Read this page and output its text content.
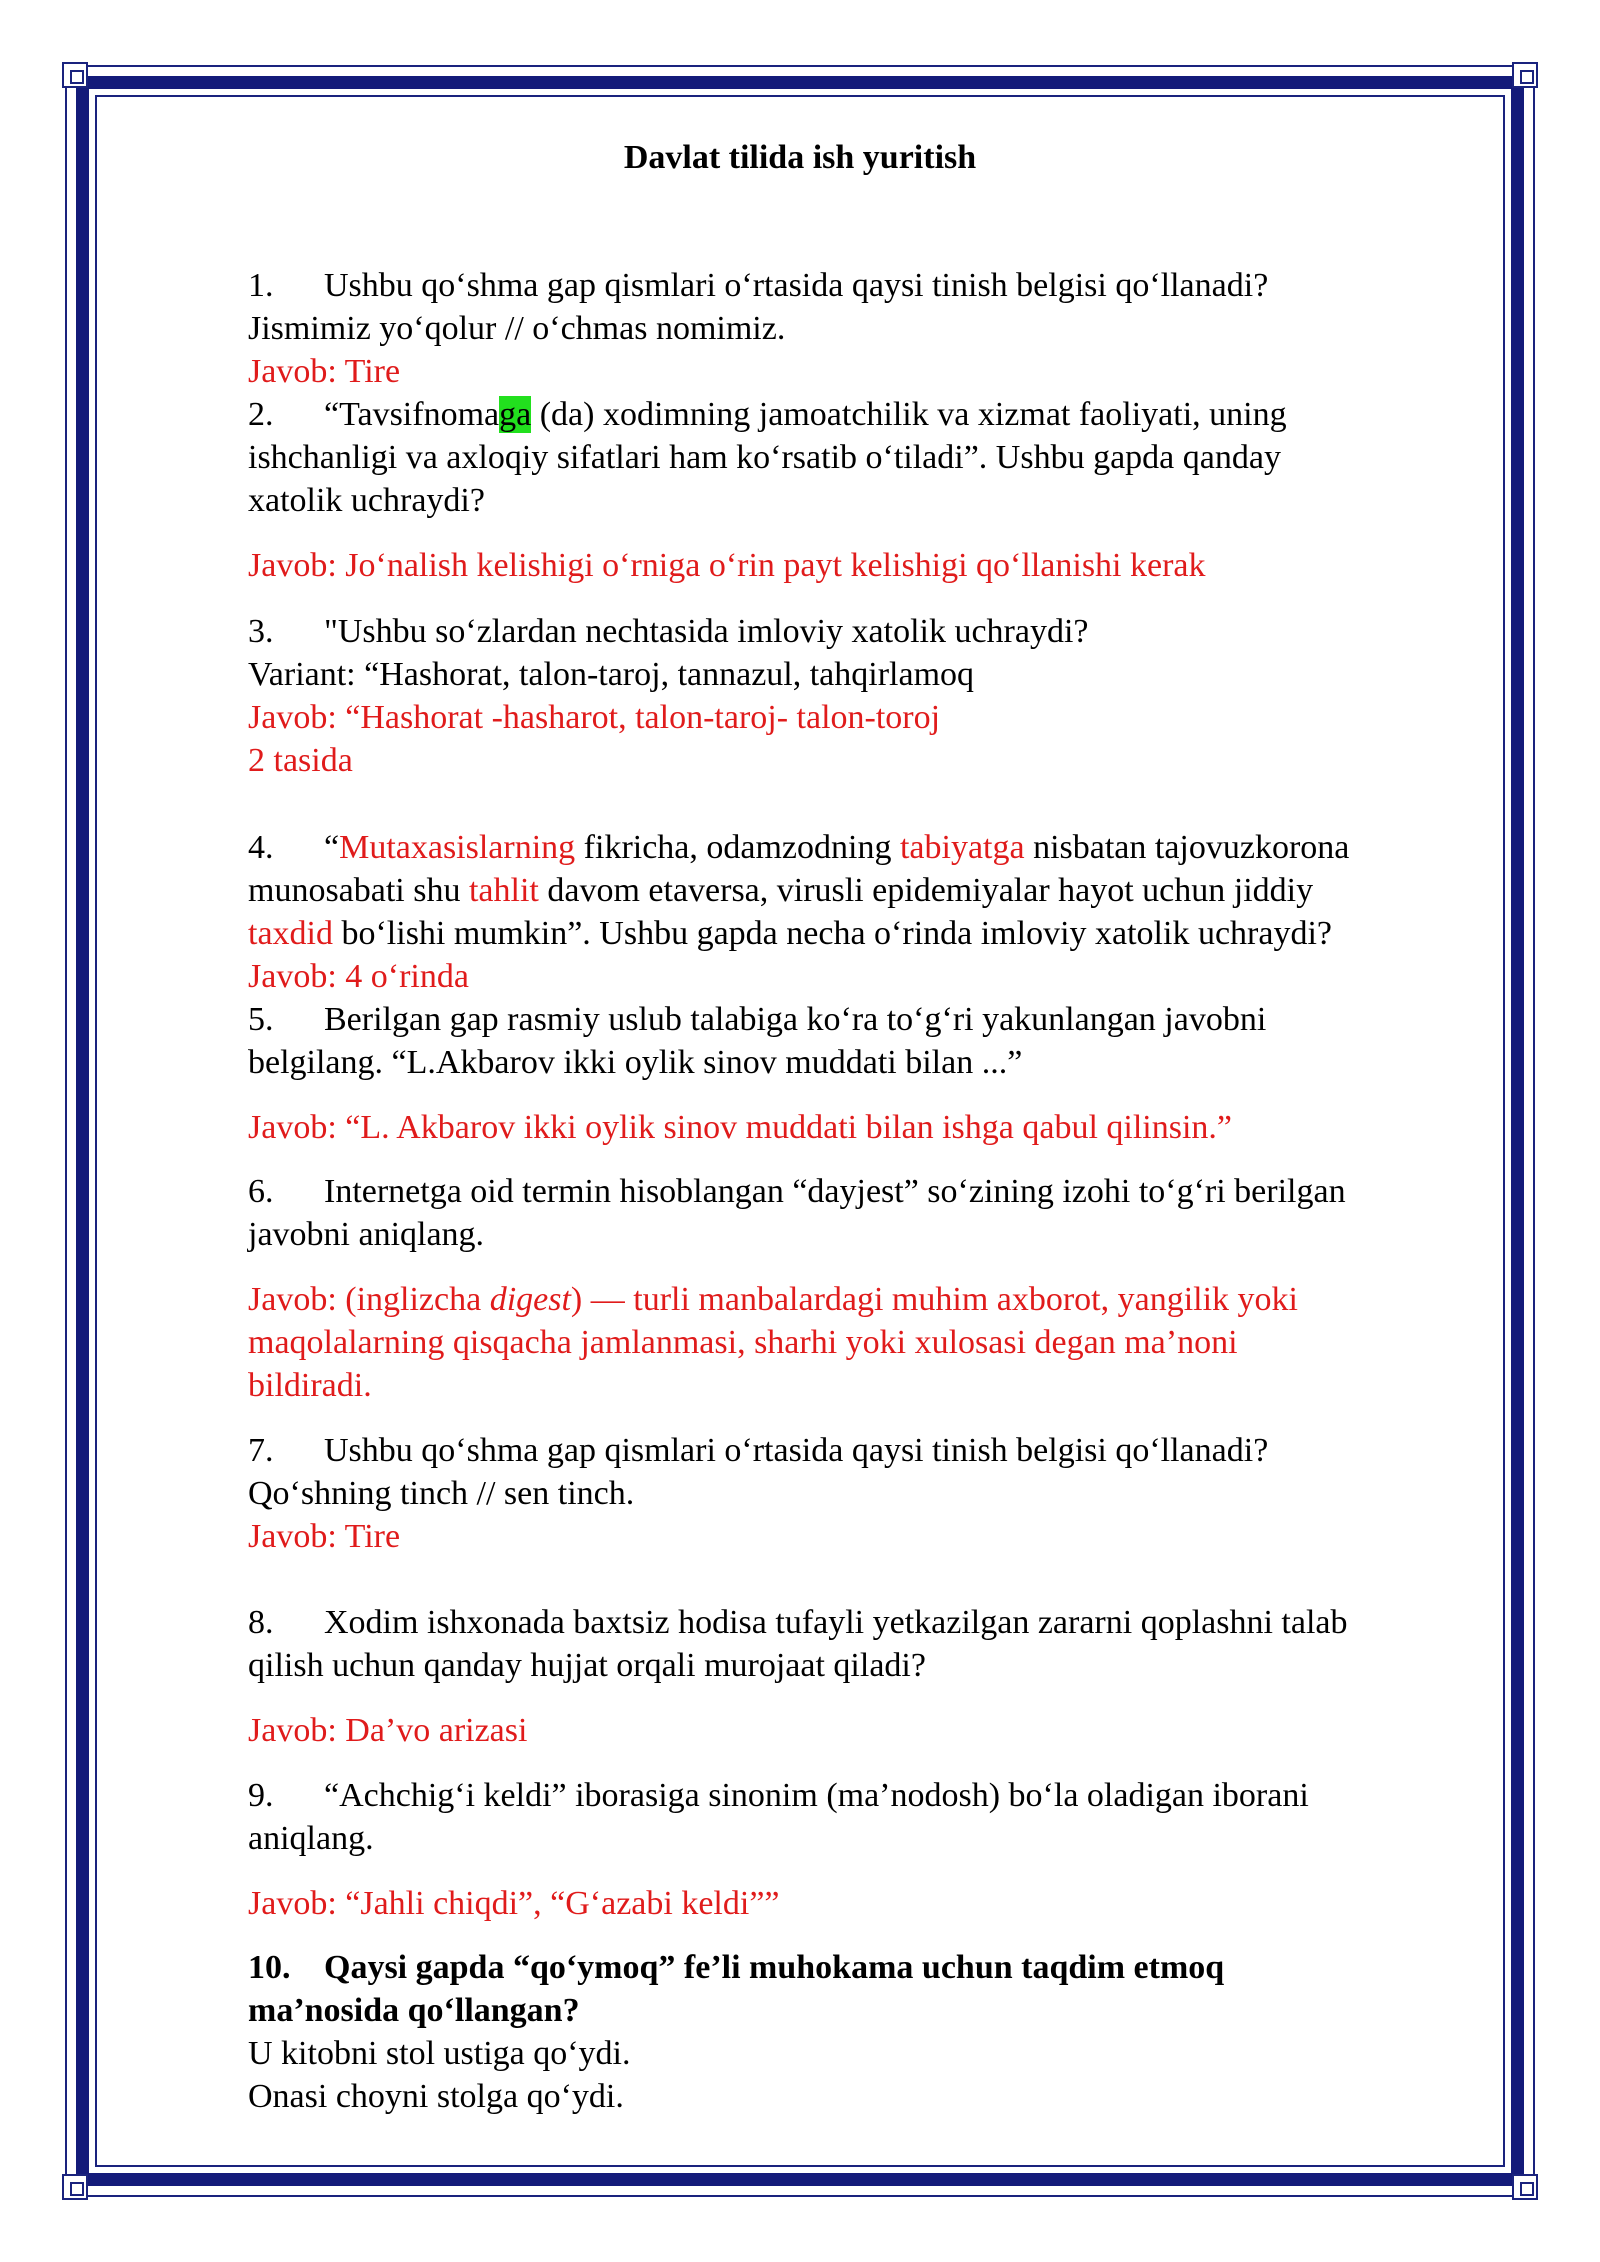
Davlat tilida ish yuritish

1. Ushbu qo‘shma gap qismlari o‘rtasida qaysi tinish belgisi qo‘llanadi?

Jismimiz yo‘qolur // o‘chmas nomimiz.

Javob: Tire

2. “Tavsifnomaga (da) xodimning jamoatchilik va xizmat faoliyati, uning

ishchanligi va axloqiy sifatlari ham ko‘rsatib o‘tiladi”. Ushbu gapda qanday

xatolik uchraydi?

Javob: Jo‘nalish kelishigi o‘rniga o‘rin payt kelishigi qo‘llanishi kerak

3. "Ushbu so‘zlardan nechtasida imloviy xatolik uchraydi?

Variant: “Hashorat, talon-taroj, tannazul, tahqirlamoq

Javob: “Hashorat -hasharot, talon-taroj- talon-toroj

2 tasida

4. “Mutaxasislarning fikricha, odamzodning tabiyatga nisbatan tajovuzkorona

munosabati shu tahlit davom etaversa, virusli epidemiyalar hayot uchun jiddiy

taxdid bo‘lishi mumkin”. Ushbu gapda necha o‘rinda imloviy xatolik uchraydi?

Javob: 4 o‘rinda

5. Berilgan gap rasmiy uslub talabiga ko‘ra to‘g‘ri yakunlangan javobni

belgilang. “L.Akbarov ikki oylik sinov muddati bilan ...”

Javob: “L. Akbarov ikki oylik sinov muddati bilan ishga qabul qilinsin.”

6. Internetga oid termin hisoblangan “dayjest” so‘zining izohi to‘g‘ri berilgan

javobni aniqlang.

Javob: (inglizcha digest) — turli manbalardagi muhim axborot, yangilik yoki

maqolalarning qisqacha jamlanmasi, sharhi yoki xulosasi degan ma’noni

bildiradi.

7. Ushbu qo‘shma gap qismlari o‘rtasida qaysi tinish belgisi qo‘llanadi?

Qo‘shning tinch // sen tinch.

Javob: Tire

8. Xodim ishxonada baxtsiz hodisa tufayli yetkazilgan zararni qoplashni talab

qilish uchun qanday hujjat orqali murojaat qiladi?

Javob: Da’vo arizasi

9. “Achchig‘i keldi” iborasiga sinonim (ma’nodosh) bo‘la oladigan iborani

aniqlang.

Javob: “Jahli chiqdi”, “G‘azabi keldi””

10. Qaysi gapda “qo‘ymoq” fe’li muhokama uchun taqdim etmoq

ma’nosida qo‘llangan?

U kitobni stol ustiga qo‘ydi.

Onasi choyni stolga qo‘ydi.
